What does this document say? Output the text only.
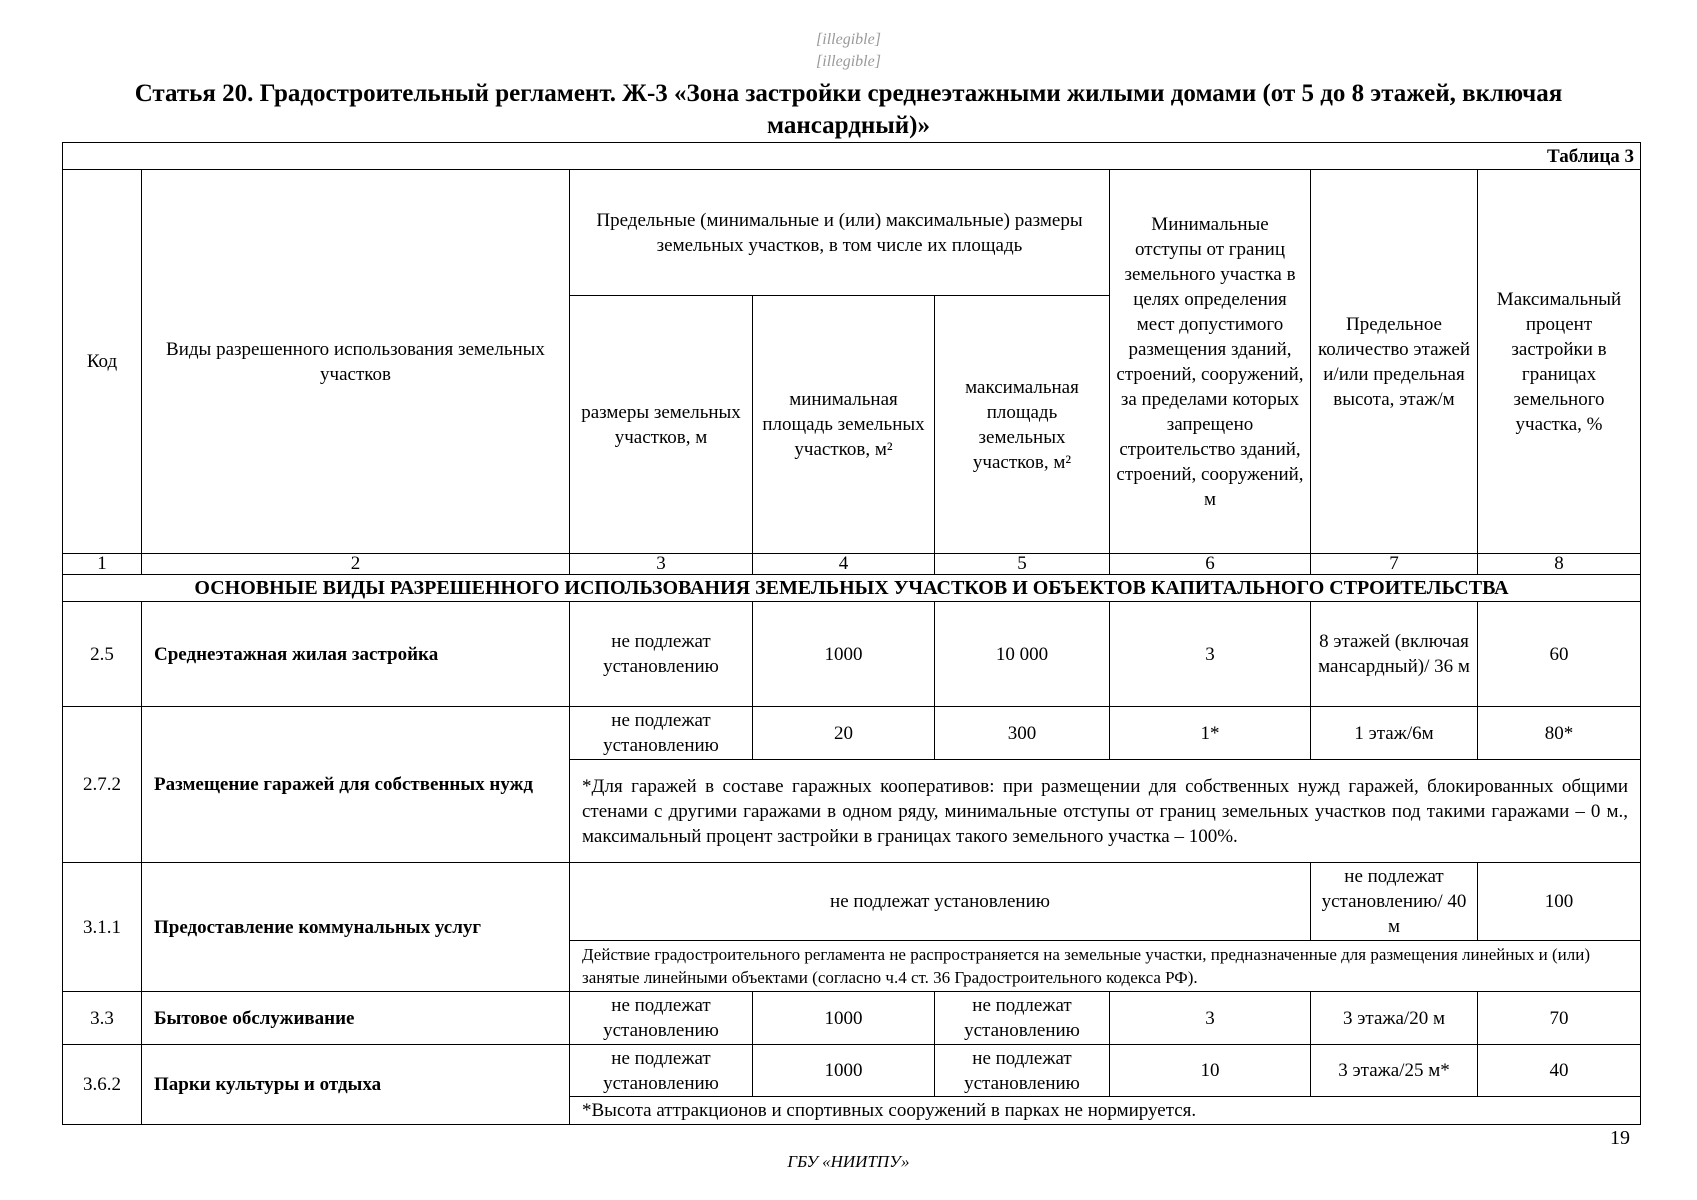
[illegible]
[illegible]
Статья 20. Градостроительный регламент. Ж-3 «Зона застройки среднеэтажными жилыми домами (от 5 до 8 этажей, включая мансардный)»
Таблица 3							
Код	Виды разрешенного использования земельных участков	Предельные (минимальные и (или) максимальные) размеры земельных участков, в том числе их площадь			Минимальные отступы от границ земельного участка в целях определения мест допустимого размещения зданий, строений, сооружений, за пределами которых запрещено строительство зданий, строений, сооружений, м	Предельное количество этажей и/или предельная высота, этаж/м	Максимальный процент застройки в границах земельного участка, %
		размеры земельных участков, м	минимальная площадь земельных участков, м²	максимальная площадь земельных участков, м²			
1	2	3	4	5	6	7	8
ОСНОВНЫЕ ВИДЫ РАЗРЕШЕННОГО ИСПОЛЬЗОВАНИЯ ЗЕМЕЛЬНЫХ УЧАСТКОВ И ОБЪЕКТОВ КАПИТАЛЬНОГО СТРОИТЕЛЬСТВА							
2.5	Среднеэтажная жилая застройка	не подлежат установлению	1000	10 000	3	8 этажей (включая мансардный)/ 36 м	60
2.7.2	Размещение гаражей для собственных нужд	не подлежат установлению	20	300	1*	1 этаж/6м	80*
		*Для гаражей в составе гаражных кооперативов: при размещении для собственных нужд гаражей, блокированных общими стенами с другими гаражами в одном ряду, минимальные отступы от границ земельных участков под такими гаражами – 0 м., максимальный процент застройки в границах такого земельного участка – 100%.					
3.1.1	Предоставление коммунальных услуг	не подлежат установлению				не подлежат установлению/ 40 м	100
		Действие градостроительного регламента не распространяется на земельные участки, предназначенные для размещения линейных и (или) занятые линейными объектами (согласно ч.4 ст. 36 Градостроительного кодекса РФ).					
3.3	Бытовое обслуживание	не подлежат установлению	1000	не подлежат установлению	3	3 этажа/20 м	70
3.6.2	Парки культуры и отдыха	не подлежат установлению	1000	не подлежат установлению	10	3 этажа/25 м*	40
		*Высота аттракционов и спортивных сооружений в парках не нормируется.					
19
ГБУ «НИИТПУ»
